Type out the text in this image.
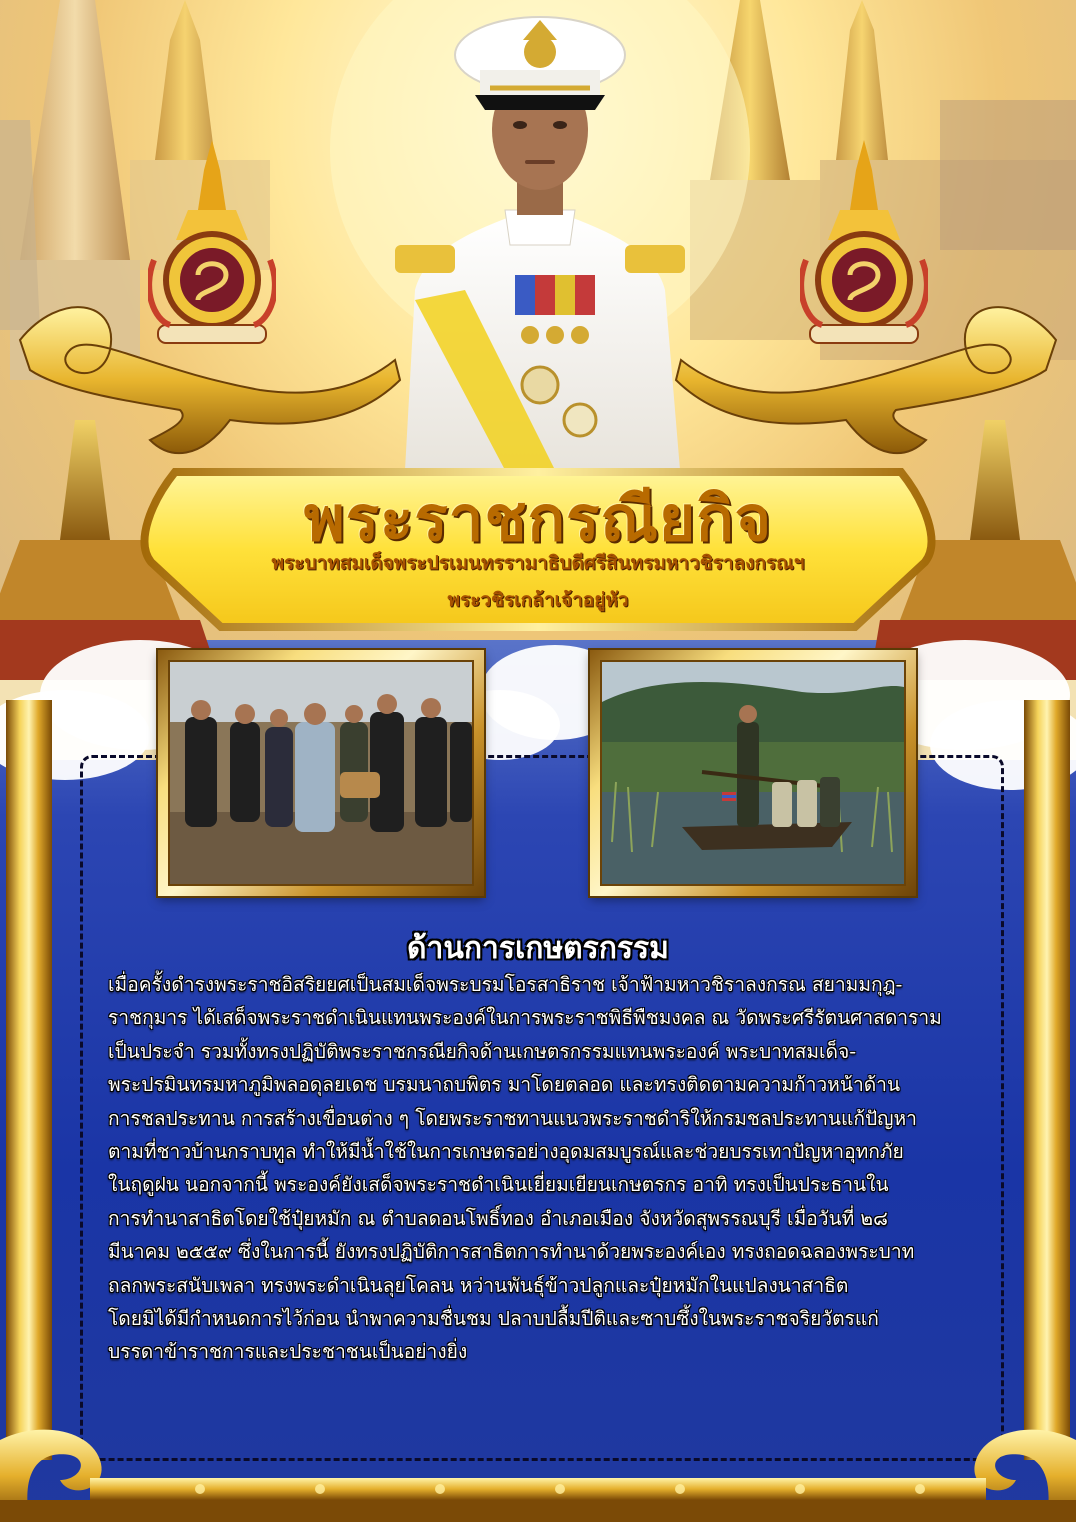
พระราชกรณียกิจ
พระบาทสมเด็จพระปรเมนทรรามาธิบดีศรีสินทรมหาวชิราลงกรณฯ
พระวชิรเกล้าเจ้าอยู่หัว
ด้านการเกษตรกรรม
เมื่อครั้งดำรงพระราชอิสริยยศเป็นสมเด็จพระบรมโอรสาธิราช เจ้าฟ้ามหาวชิราลงกรณ สยามมกุฎ-
ราชกุมาร ได้เสด็จพระราชดำเนินแทนพระองค์ในการพระราชพิธีพืชมงคล ณ วัดพระศรีรัตนศาสดาราม
เป็นประจำ รวมทั้งทรงปฏิบัติพระราชกรณียกิจด้านเกษตรกรรมแทนพระองค์ พระบาทสมเด็จ-
พระปรมินทรมหาภูมิพลอดุลยเดช บรมนาถบพิตร มาโดยตลอด และทรงติดตามความก้าวหน้าด้าน
การชลประทาน การสร้างเขื่อนต่าง ๆ โดยพระราชทานแนวพระราชดำริให้กรมชลประทานแก้ปัญหา
ตามที่ชาวบ้านกราบทูล ทำให้มีน้ำใช้ในการเกษตรอย่างอุดมสมบูรณ์และช่วยบรรเทาปัญหาอุทกภัย
ในฤดูฝน นอกจากนี้ พระองค์ยังเสด็จพระราชดำเนินเยี่ยมเยียนเกษตรกร อาทิ ทรงเป็นประธานใน
การทำนาสาธิตโดยใช้ปุ๋ยหมัก ณ ตำบลดอนโพธิ์ทอง อำเภอเมือง จังหวัดสุพรรณบุรี เมื่อวันที่ ๒๘
มีนาคม ๒๕๕๙ ซึ่งในการนี้ ยังทรงปฏิบัติการสาธิตการทำนาด้วยพระองค์เอง ทรงถอดฉลองพระบาท
ถลกพระสนับเพลา ทรงพระดำเนินลุยโคลน หว่านพันธุ์ข้าวปลูกและปุ๋ยหมักในแปลงนาสาธิต
โดยมิได้มีกำหนดการไว้ก่อน นำพาความชื่นชม ปลาบปลื้มปีติและซาบซึ้งในพระราชจริยวัตรแก่
บรรดาข้าราชการและประชาชนเป็นอย่างยิ่ง
